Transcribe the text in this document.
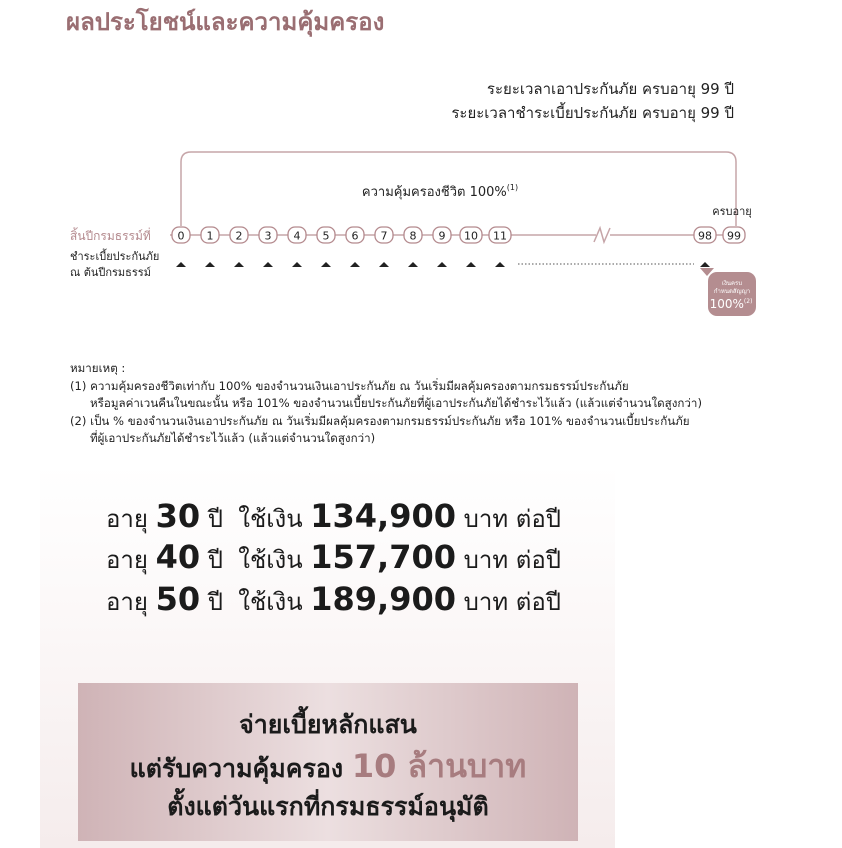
ผลประโยชน์และความคุ้มครอง
ระยะเวลาเอาประกันภัย ครบอายุ 99 ปี
ระยะเวลาชำระเบี้ยประกันภัย ครบอายุ 99 ปี
ความคุ้มครองชีวิต 100%$^{(1)}$
สิ้นปีกรมธรรม์ที่
ชำระเบี้ยประกันภัย
ณ ต้นปีกรมธรรม์
ครบอายุ
0 1 2 3 4 5 6 7 8 9 10 11	98 99
เงินครบ
กำหนดสัญญา
100%$^{(2)}$
หมายเหตุ :
(1) ความคุ้มครองชีวิตเท่ากับ 100% ของจำนวนเงินเอาประกันภัย ณ วันเริ่มมีผลคุ้มครองตามกรมธรรม์ประกันภัย
หรือมูลค่าเวนคืนในขณะนั้น หรือ 101% ของจำนวนเบี้ยประกันภัยที่ผู้เอาประกันภัยได้ชำระไว้แล้ว (แล้วแต่จำนวนใดสูงกว่า)
(2) เป็น % ของจำนวนเงินเอาประกันภัย ณ วันเริ่มมีผลคุ้มครองตามกรมธรรม์ประกันภัย หรือ 101% ของจำนวนเบี้ยประกันภัย
ที่ผู้เอาประกันภัยได้ชำระไว้แล้ว (แล้วแต่จำนวนใดสูงกว่า)
อายุ 30 ปี ใช้เงิน 134,900 บาท ต่อปี
อายุ 40 ปี ใช้เงิน 157,700 บาท ต่อปี
อายุ 50 ปี ใช้เงิน 189,900 บาท ต่อปี
จ่ายเบี้ยหลักแสน
แต่รับความคุ้มครอง 10 ล้านบาท
ตั้งแต่วันแรกที่กรมธรรม์อนุมัติ
